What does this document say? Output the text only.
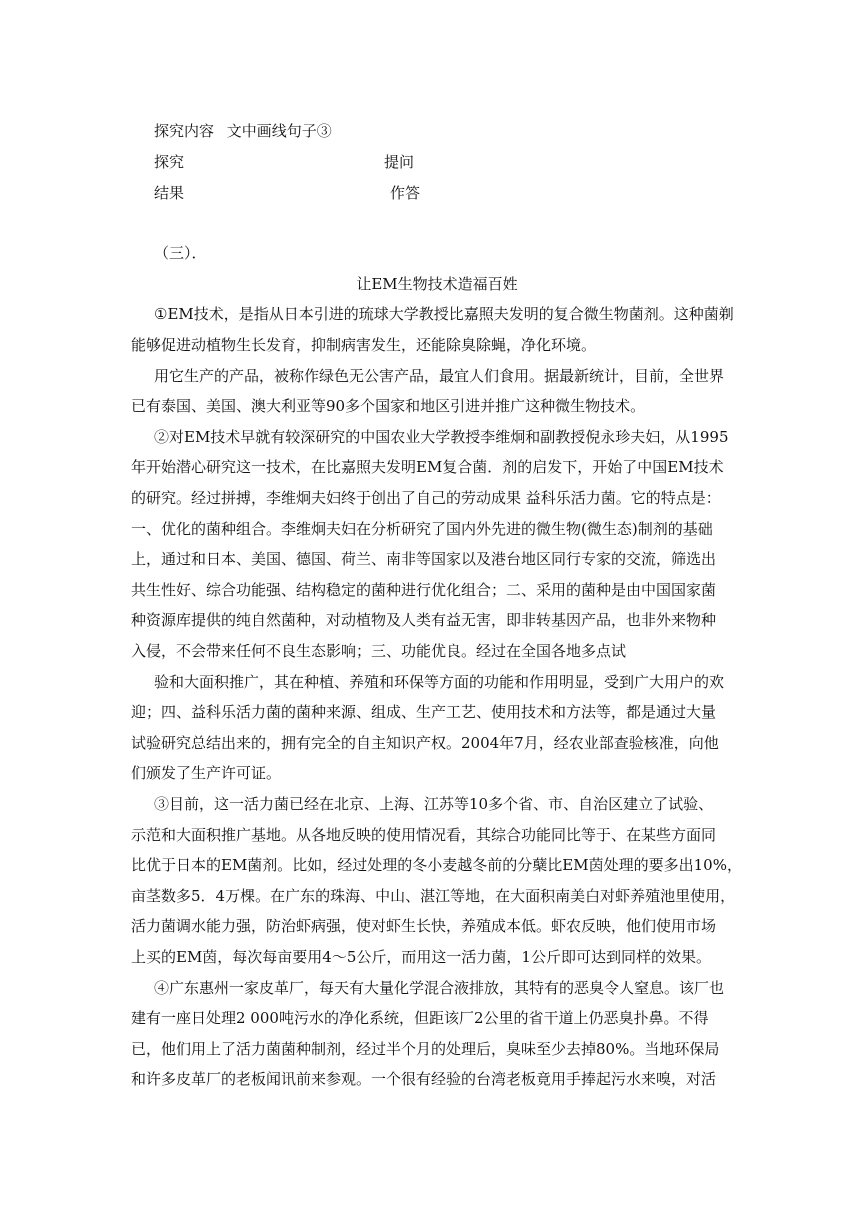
探究内容 文中画线句子③
探究	提问
结果	作答
（三）．
让EM生物技术造福百姓
①EM技术，是指从日本引进的琉球大学教授比嘉照夫发明的复合微生物菌剂。这种菌剃
能够促进动植物生长发育，抑制病害发生，还能除臭除蝇，净化环境。
用它生产的产品，被称作绿色无公害产品，最宜人们食用。据最新统计，目前，全世界
已有泰国、美国、澳大利亚等90多个国家和地区引进并推广这种微生物技术。
②对EM技术早就有较深研究的中国农业大学教授李维炯和副教授倪永珍夫妇，从1995
年开始潜心研究这一技术，在比嘉照夫发明EM复合菌．剂的启发下，开始了中国EM技术
的研究。经过拼搏，李维炯夫妇终于创出了自己的劳动成果 益科乐活力菌。它的特点是：
一、优化的菌种组合。李维炯夫妇在分析研究了国内外先进的微生物(微生态)制剂的基础
上，通过和日本、美国、德国、荷兰、南非等国家以及港台地区同行专家的交流，筛选出
共生性好、综合功能强、结构稳定的菌种进行优化组合；二、采用的菌种是由中国国家菌
种资源库提供的纯自然菌种，对动植物及人类有益无害，即非转基因产品，也非外来物种
入侵，不会带来任何不良生态影响；三、功能优良。经过在全国各地多点试
验和大面积推广，其在种植、养殖和环保等方面的功能和作用明显，受到广大用户的欢
迎；四、益科乐活力菌的菌种来源、组成、生产工艺、使用技术和方法等，都是通过大量
试验研究总结出来的，拥有完全的自主知识产权。2004年7月，经农业部查验核准，向他
们颁发了生产许可证。
③目前，这一活力菌已经在北京、上海、江苏等10多个省、市、自治区建立了试验、
示范和大面积推广基地。从各地反映的使用情况看，其综合功能同比等于、在某些方面同
比优于日本的EM菌剂。比如，经过处理的冬小麦越冬前的分蘖比EM茵处理的要多出10%，
亩茎数多5．4万棵。在广东的珠海、中山、湛江等地，在大面积南美白对虾养殖池里使用，
活力菌调水能力强，防治虾病强，使对虾生长快，养殖成本低。虾农反映，他们使用市场
上买的EM茵，每次每亩要用4～5公斤，而用这一活力菌，1公斤即可达到同样的效果。
④广东惠州一家皮革厂，每天有大量化学混合液排放，其特有的恶臭令人窒息。该厂也
建有一座日处理2 000吨污水的净化系统，但距该厂2公里的省干道上仍恶臭扑鼻。不得
已，他们用上了活力菌菌种制剂，经过半个月的处理后，臭味至少去掉80%。当地环保局
和许多皮革厂的老板闻讯前来参观。一个很有经验的台湾老板竟用手捧起污水来嗅，对活
